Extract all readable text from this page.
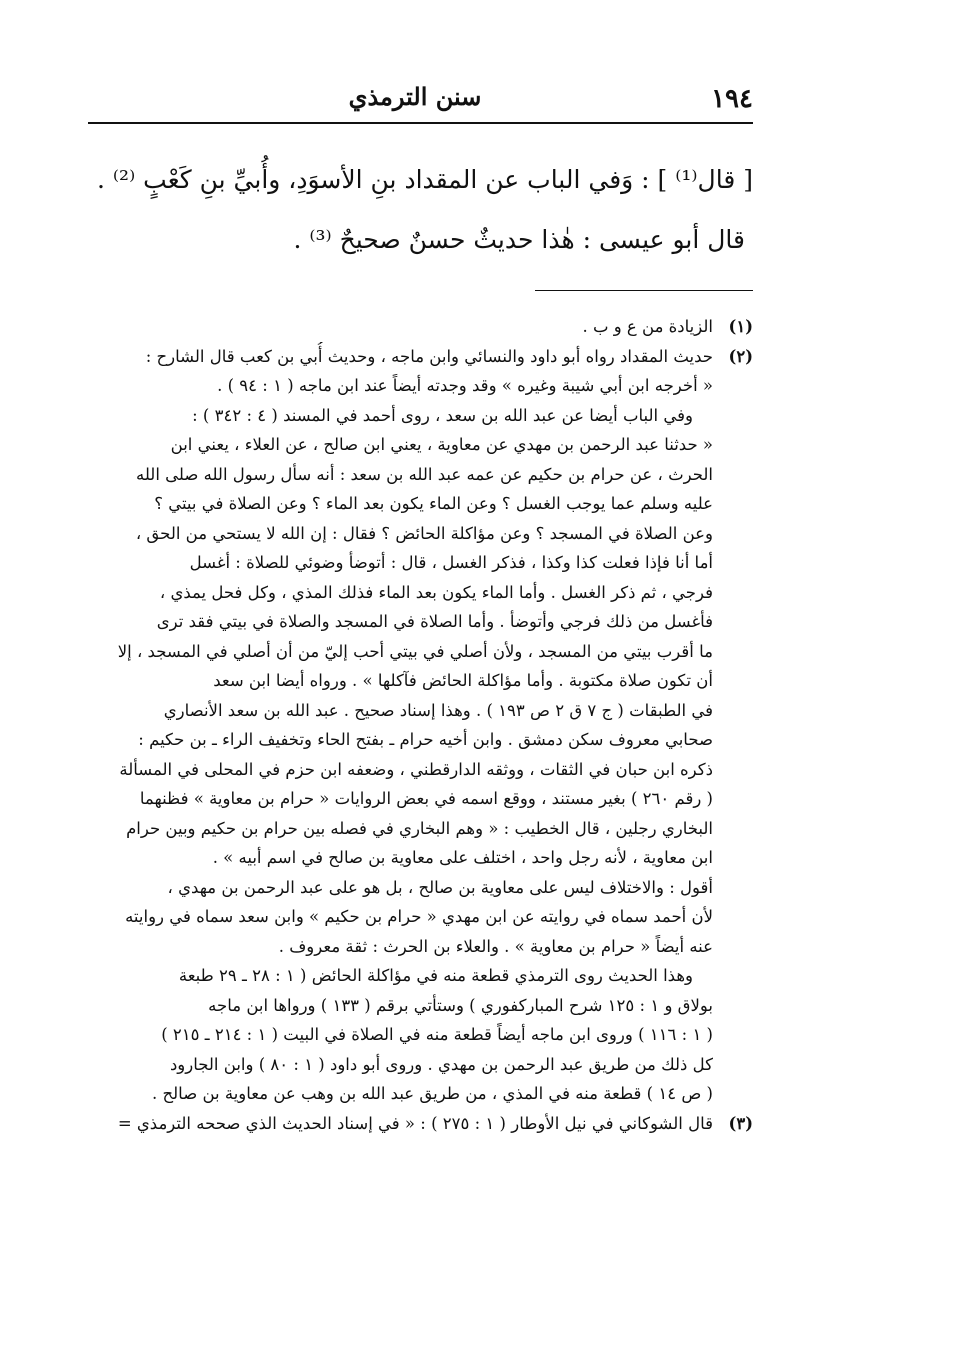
١٩٤
سنن الترمذي
[ قال⁽¹⁾ ] : وَفي الباب عن المقداد بنِ الأسوَدِ، وأُبيِّ بنِ كَعْبٍ ⁽²⁾ .
قال أبو عيسى : هٰذا حديثٌ حسنٌ صحيحٌ ⁽³⁾ .
(١)
الزيادة من ع و ب .
(٢)
حديث المقداد رواه أبو داود والنسائي وابن ماجه ، وحديث أُبي بن كعب قال الشارح :
« أخرجه ابن أبي شيبة وغيره » وقد وجدته أيضاً عند ابن ماجه ( ١ : ٩٤ ) .
وفي الباب أيضا عن عبد الله بن سعد ، روى أحمد في المسند ( ٤ : ٣٤٢ ) :
« حدثنا عبد الرحمن بن مهدي عن معاوية ، يعني ابن صالح ، عن العلاء ، يعني ابن
الحرث ، عن حرام بن حكيم عن عمه عبد الله بن سعد : أنه سأل رسول الله صلى الله
عليه وسلم عما يوجب الغسل ؟ وعن الماء يكون بعد الماء ؟ وعن الصلاة في بيتي ؟
وعن الصلاة في المسجد ؟ وعن مؤاكلة الحائض ؟ فقال : إن الله لا يستحي من الحق ،
أما أنا فإذا فعلت كذا وكذا ، فذكر الغسل ، قال : أتوضأ وضوئي للصلاة : أغسل
فرجي ، ثم ذكر الغسل . وأما الماء يكون بعد الماء فذلك المذي ، وكل فحل يمذي ،
فأغسل من ذلك فرجي وأتوضأ . وأما الصلاة في المسجد والصلاة في بيتي فقد ترى
ما أقرب بيتي من المسجد ، ولأن أصلي في بيتي أحب إليّ من أن أصلي في المسجد ، إلا
أن تكون صلاة مكتوبة . وأما مؤاكلة الحائض فآكلها » . ورواه أيضا ابن سعد
في الطبقات ( ج ٧ ق ٢ ص ١٩٣ ) . وهذا إسناد صحيح . عبد الله بن سعد الأنصاري
صحابي معروف سكن دمشق . وابن أخيه حرام ـ بفتح الحاء وتخفيف الراء ـ بن حكيم :
ذكره ابن حبان في الثقات ، ووثقه الدارقطني ، وضعفه ابن حزم في المحلى في المسألة
( رقم ٢٦٠ ) بغير مستند ، ووقع اسمه في بعض الروايات « حرام بن معاوية » فظنهما
البخاري رجلين ، قال الخطيب : « وهم البخاري في فصله بين حرام بن حكيم وبين حرام
ابن معاوية ، لأنه رجل واحد ، اختلف على معاوية بن صالح في اسم أبيه » .
أقول : والاختلاف ليس على معاوية بن صالح ، بل هو على عبد الرحمن بن مهدي ،
لأن أحمد سماه في روايته عن ابن مهدي « حرام بن حكيم » وابن سعد سماه في روايته
عنه أيضاً « حرام بن معاوية » . والعلاء بن الحرث : ثقة معروف .
وهذا الحديث روى الترمذي قطعة منه في مؤاكلة الحائض ( ١ : ٢٨ ـ ٢٩ طبعة
بولاق و ١ : ١٢٥ شرح المباركفوري ) وستأتي برقم ( ١٣٣ ) ورواها ابن ماجه
( ١ : ١١٦ ) وروى ابن ماجه أيضاً قطعة منه في الصلاة في البيت ( ١ : ٢١٤ ـ ٢١٥ )
كل ذلك من طريق عبد الرحمن بن مهدي . وروى أبو داود ( ١ : ٨٠ ) وابن الجارود
( ص ١٤ ) قطعة منه في المذي ، من طريق عبد الله بن وهب عن معاوية بن صالح .
(٣)
قال الشوكاني في نيل الأوطار ( ١ : ٢٧٥ ) : « في إسناد الحديث الذي صححه الترمذي =
